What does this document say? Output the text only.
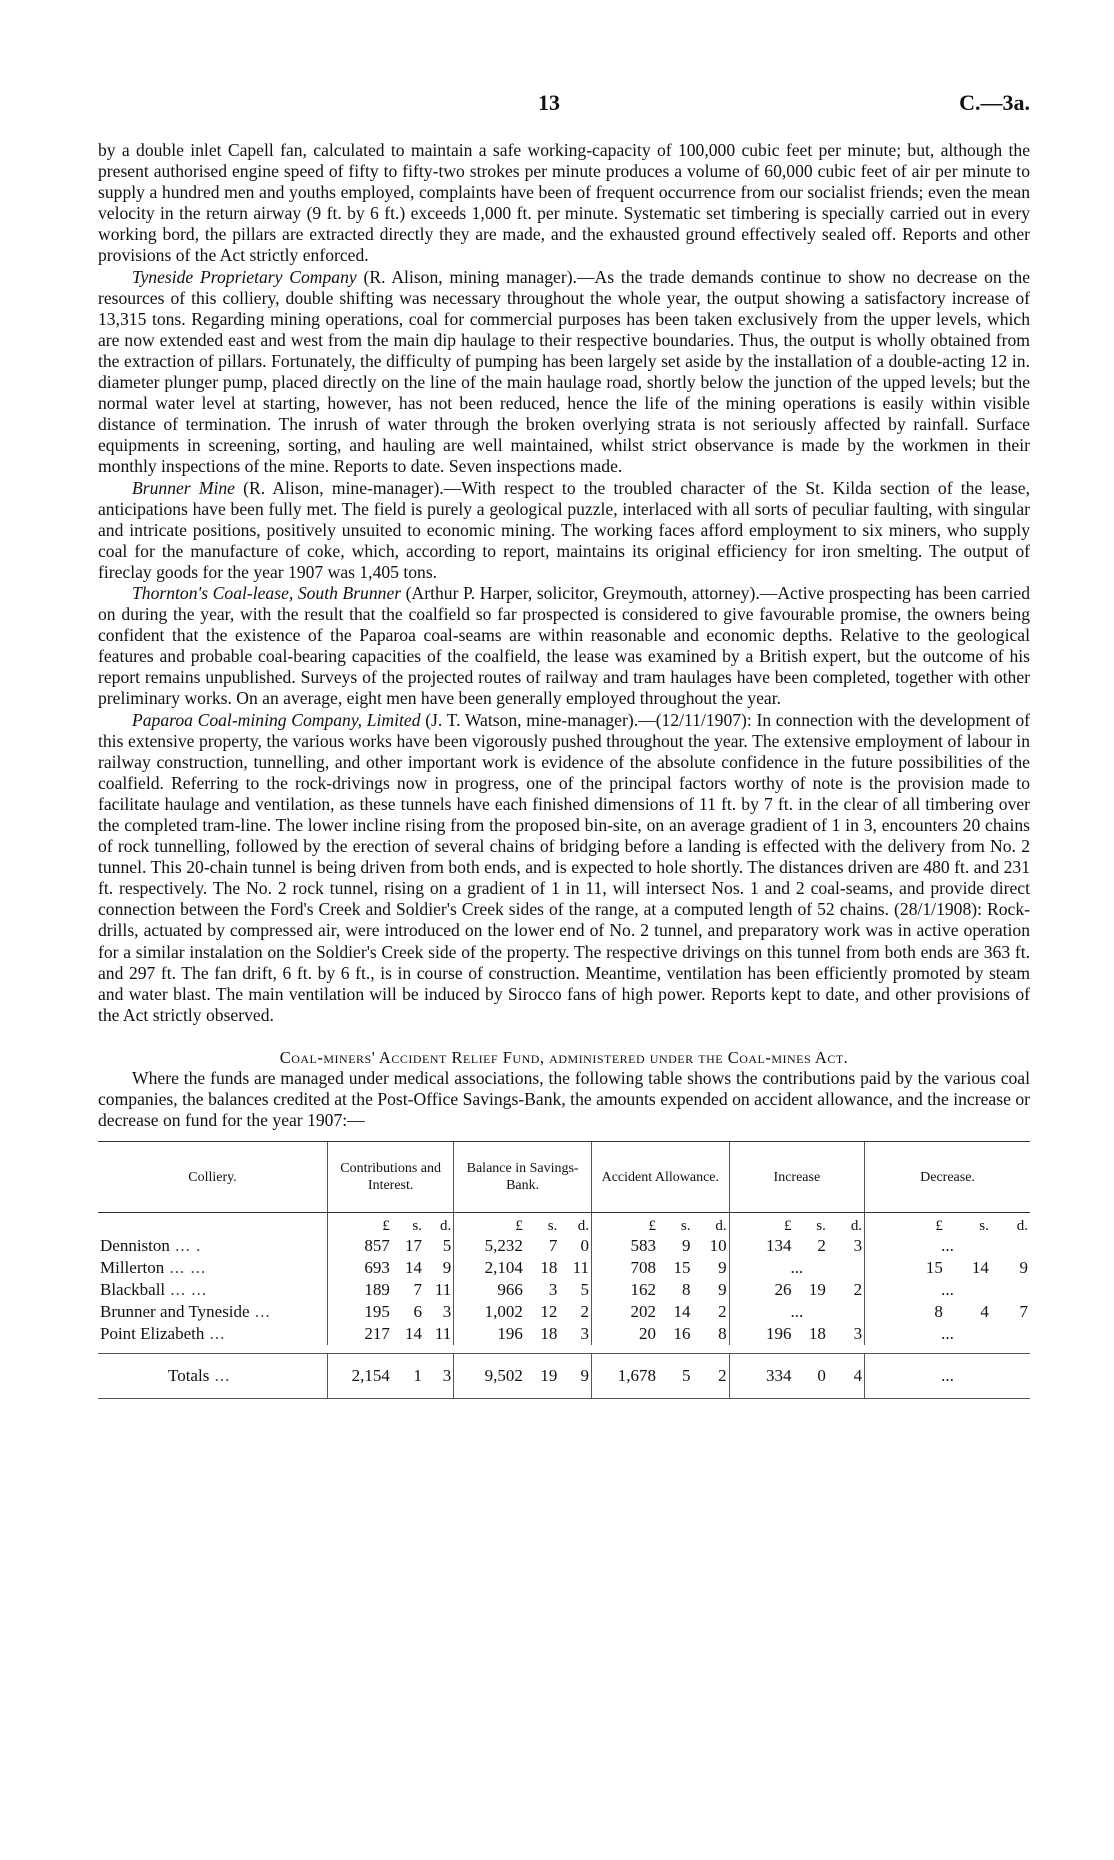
13	C.—3a.

by a double inlet Capell fan, calculated to maintain a safe working-capacity of 100,000 cubic feet per minute; but, although the present authorised engine speed of fifty to fifty-two strokes per minute produces a volume of 60,000 cubic feet of air per minute to supply a hundred men and youths employed, complaints have been of frequent occurrence from our socialist friends; even the mean velocity in the return airway (9 ft. by 6 ft.) exceeds 1,000 ft. per minute. Systematic set timbering is specially carried out in every working bord, the pillars are extracted directly they are made, and the exhausted ground effectively sealed off. Reports and other provisions of the Act strictly enforced.

Tyneside Proprietary Company (R. Alison, mining manager).—As the trade demands continue to show no decrease on the resources of this colliery, double shifting was necessary throughout the whole year, the output showing a satisfactory increase of 13,315 tons. Regarding mining operations, coal for commercial purposes has been taken exclusively from the upper levels, which are now extended east and west from the main dip haulage to their respective boundaries. Thus, the output is wholly obtained from the extraction of pillars. Fortunately, the difficulty of pumping has been largely set aside by the installation of a double-acting 12 in. diameter plunger pump, placed directly on the line of the main haulage road, shortly below the junction of the upped levels; but the normal water level at starting, however, has not been reduced, hence the life of the mining operations is easily within visible distance of termination. The inrush of water through the broken overlying strata is not seriously affected by rainfall. Surface equipments in screening, sorting, and hauling are well maintained, whilst strict observance is made by the workmen in their monthly inspections of the mine. Reports to date. Seven inspections made.

Brunner Mine (R. Alison, mine-manager).—With respect to the troubled character of the St. Kilda section of the lease, anticipations have been fully met. The field is purely a geological puzzle, interlaced with all sorts of peculiar faulting, with singular and intricate positions, positively unsuited to economic mining. The working faces afford employment to six miners, who supply coal for the manufacture of coke, which, according to report, maintains its original efficiency for iron smelting. The output of fireclay goods for the year 1907 was 1,405 tons.

Thornton's Coal-lease, South Brunner (Arthur P. Harper, solicitor, Greymouth, attorney).—Active prospecting has been carried on during the year, with the result that the coalfield so far prospected is considered to give favourable promise, the owners being confident that the existence of the Paparoa coal-seams are within reasonable and economic depths. Relative to the geological features and probable coal-bearing capacities of the coalfield, the lease was examined by a British expert, but the outcome of his report remains unpublished. Surveys of the projected routes of railway and tram haulages have been completed, together with other preliminary works. On an average, eight men have been generally employed throughout the year.

Paparoa Coal-mining Company, Limited (J. T. Watson, mine-manager).—(12/11/1907): In connection with the development of this extensive property, the various works have been vigorously pushed throughout the year. The extensive employment of labour in railway construction, tunnelling, and other important work is evidence of the absolute confidence in the future possibilities of the coalfield. Referring to the rock-drivings now in progress, one of the principal factors worthy of note is the provision made to facilitate haulage and ventilation, as these tunnels have each finished dimensions of 11 ft. by 7 ft. in the clear of all timbering over the completed tram-line. The lower incline rising from the proposed bin-site, on an average gradient of 1 in 3, encounters 20 chains of rock tunnelling, followed by the erection of several chains of bridging before a landing is effected with the delivery from No. 2 tunnel. This 20-chain tunnel is being driven from both ends, and is expected to hole shortly. The distances driven are 480 ft. and 231 ft. respectively. The No. 2 rock tunnel, rising on a gradient of 1 in 11, will intersect Nos. 1 and 2 coal-seams, and provide direct connection between the Ford's Creek and Soldier's Creek sides of the range, at a computed length of 52 chains. (28/1/1908): Rock-drills, actuated by compressed air, were introduced on the lower end of No. 2 tunnel, and preparatory work was in active operation for a similar instalation on the Soldier's Creek side of the property. The respective drivings on this tunnel from both ends are 363 ft. and 297 ft. The fan drift, 6 ft. by 6 ft., is in course of construction. Meantime, ventilation has been efficiently promoted by steam and water blast. The main ventilation will be induced by Sirocco fans of high power. Reports kept to date, and other provisions of the Act strictly observed.

Coal-miners' Accident Relief Fund, administered under the Coal-mines Act.

Where the funds are managed under medical associations, the following table shows the contributions paid by the various coal companies, the balances credited at the Post-Office Savings-Bank, the amounts expended on accident allowance, and the increase or decrease on fund for the year 1907:—

Colliery.	Contributions and Interest.			Balance in Savings-Bank.			Accident Allowance.			Increase			Decrease.		
	£	s.	d.	£	s.	d.	£	s.	d.	£	s.	d.	£	s.	d.
Denniston ... .	857	17	5	5,232	7	0	583	9	10	134	2	3	...		
Millerton ... ...	693	14	9	2,104	18	11	708	15	9	...			15	14	9
Blackball ... ...	189	7	11	966	3	5	162	8	9	26	19	2	...		
Brunner and Tyneside ...	195	6	3	1,002	12	2	202	14	2	...			8	4	7
Point Elizabeth ...	217	14	11	196	18	3	20	16	8	196	18	3	...		

Totals ...	2,154	1	3	9,502	19	9	1,678	5	2	334	0	4	...		
